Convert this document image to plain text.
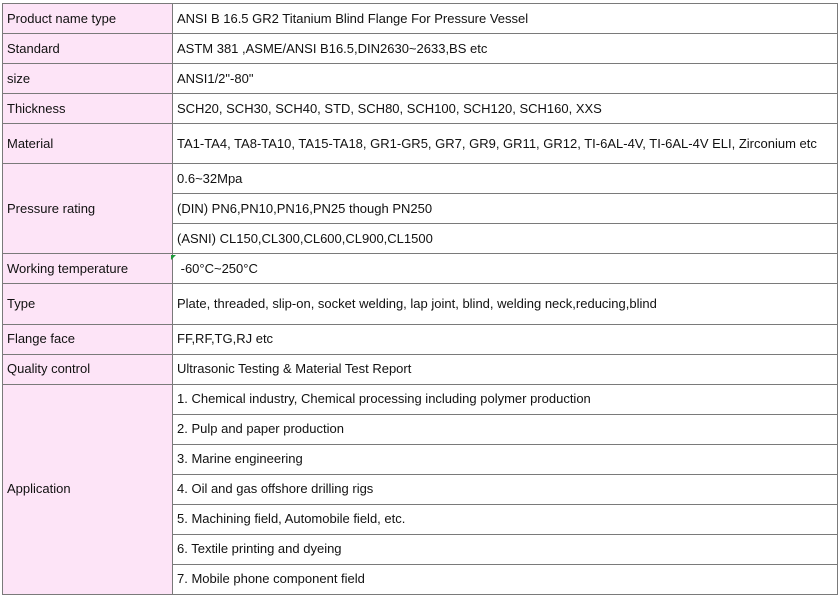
Product name type	ANSI B 16.5 GR2 Titanium Blind Flange For Pressure Vessel
Standard	ASTM 381 ,ASME/ANSI B16.5,DIN2630~2633,BS etc
size	ANSI1/2"-80"
Thickness	SCH20, SCH30, SCH40, STD, SCH80, SCH100, SCH120, SCH160, XXS
Material	TA1-TA4, TA8-TA10, TA15-TA18, GR1-GR5, GR7, GR9, GR11, GR12, TI-6AL-4V, TI-6AL-4V ELI, Zirconium etc
Pressure rating	0.6~32Mpa
	(DIN) PN6,PN10,PN16,PN25 though PN250
	(ASNI) CL150,CL300,CL600,CL900,CL1500
Working temperature	-60°C~250°C
Type	Plate, threaded, slip-on, socket welding, lap joint, blind, welding neck,reducing,blind
Flange face	FF,RF,TG,RJ etc
Quality control	Ultrasonic Testing & Material Test Report
Application	1. Chemical industry, Chemical processing including polymer production
	2. Pulp and paper production
	3. Marine engineering
	4. Oil and gas offshore drilling rigs
	5. Machining field, Automobile field, etc.
	6. Textile printing and dyeing
	7. Mobile phone component field
